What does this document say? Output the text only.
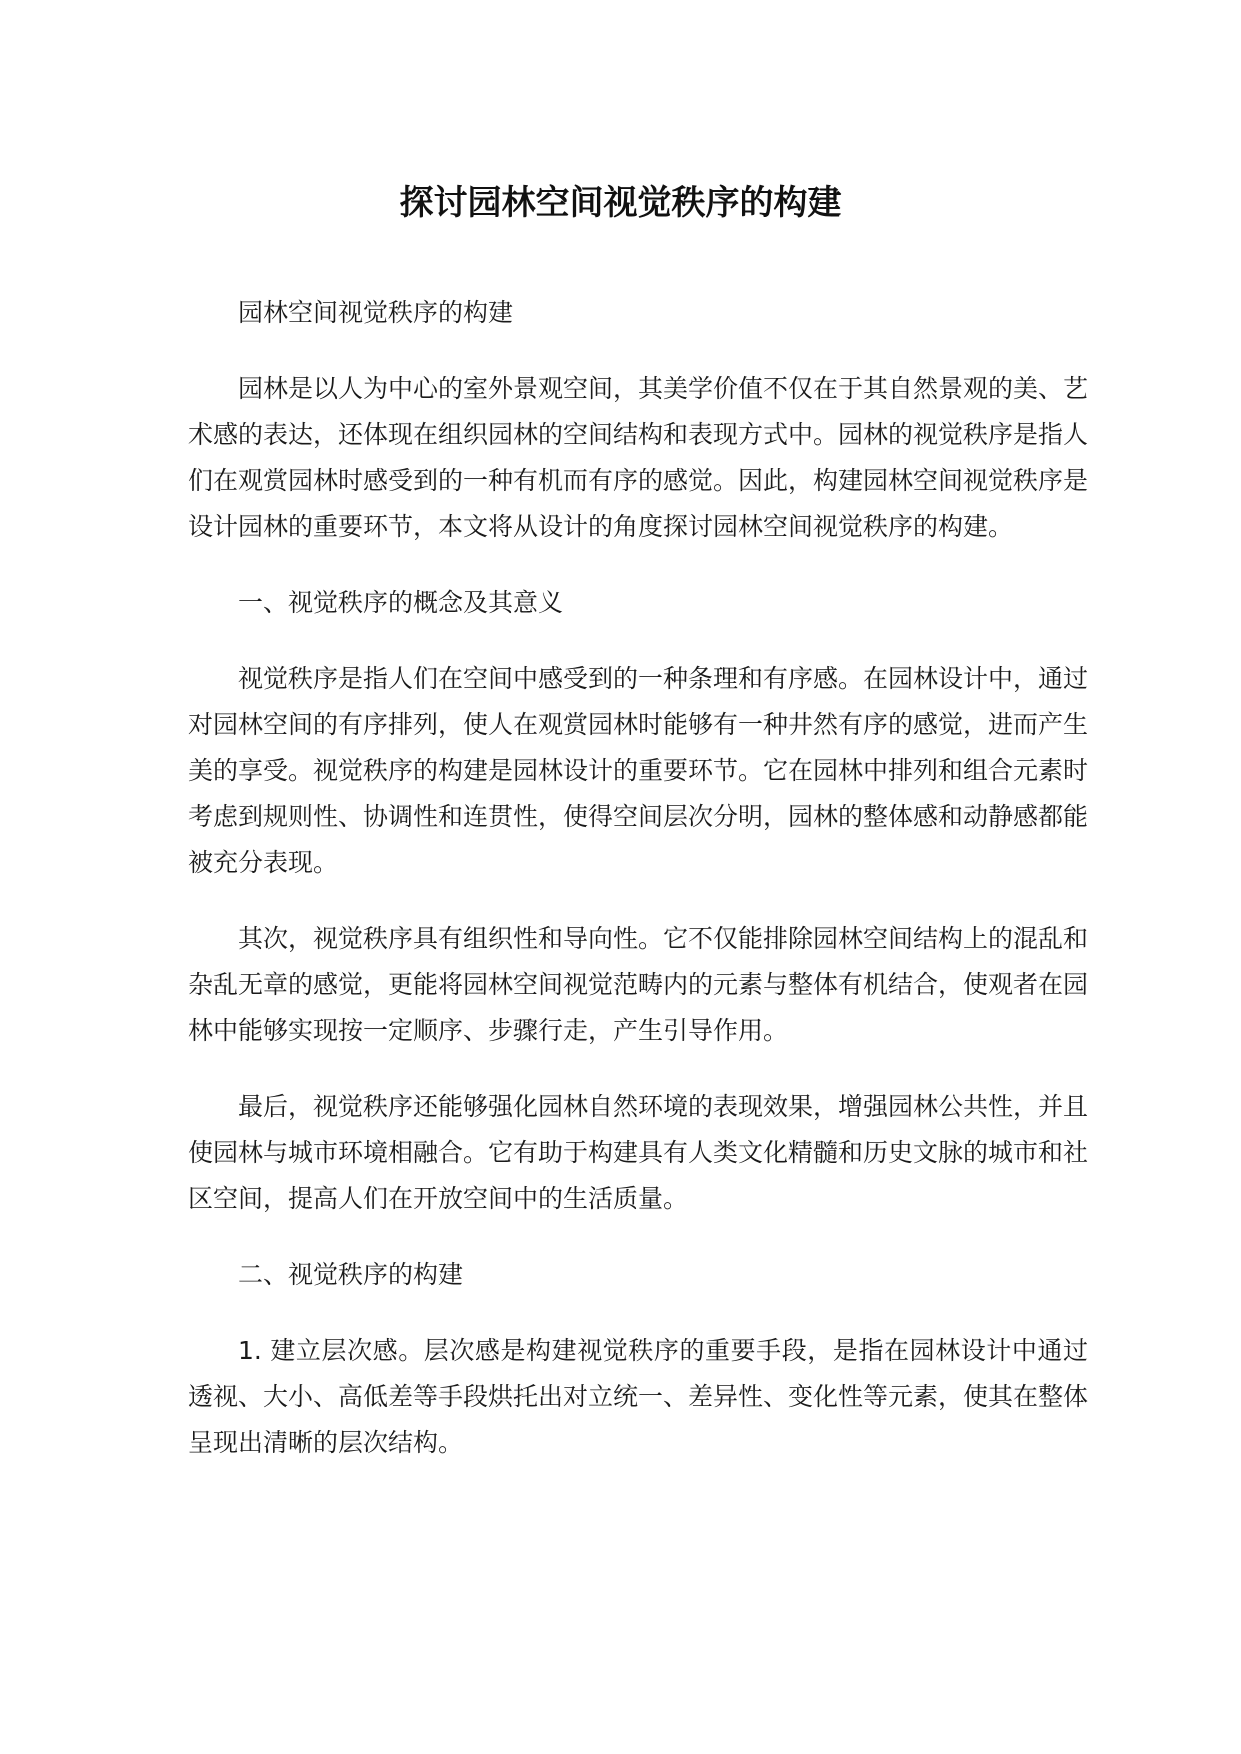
探讨园林空间视觉秩序的构建

园林空间视觉秩序的构建

园林是以人为中心的室外景观空间，其美学价值不仅在于其自然景观的美、艺术感的表达，还体现在组织园林的空间结构和表现方式中。园林的视觉秩序是指人们在观赏园林时感受到的一种有机而有序的感觉。因此，构建园林空间视觉秩序是设计园林的重要环节，本文将从设计的角度探讨园林空间视觉秩序的构建。

一、视觉秩序的概念及其意义

视觉秩序是指人们在空间中感受到的一种条理和有序感。在园林设计中，通过对园林空间的有序排列，使人在观赏园林时能够有一种井然有序的感觉，进而产生美的享受。视觉秩序的构建是园林设计的重要环节。它在园林中排列和组合元素时考虑到规则性、协调性和连贯性，使得空间层次分明，园林的整体感和动静感都能被充分表现。

其次，视觉秩序具有组织性和导向性。它不仅能排除园林空间结构上的混乱和杂乱无章的感觉，更能将园林空间视觉范畴内的元素与整体有机结合，使观者在园林中能够实现按一定顺序、步骤行走，产生引导作用。

最后，视觉秩序还能够强化园林自然环境的表现效果，增强园林公共性，并且使园林与城市环境相融合。它有助于构建具有人类文化精髓和历史文脉的城市和社区空间，提高人们在开放空间中的生活质量。

二、视觉秩序的构建

1. 建立层次感。层次感是构建视觉秩序的重要手段，是指在园林设计中通过透视、大小、高低差等手段烘托出对立统一、差异性、变化性等元素，使其在整体呈现出清晰的层次结构。
